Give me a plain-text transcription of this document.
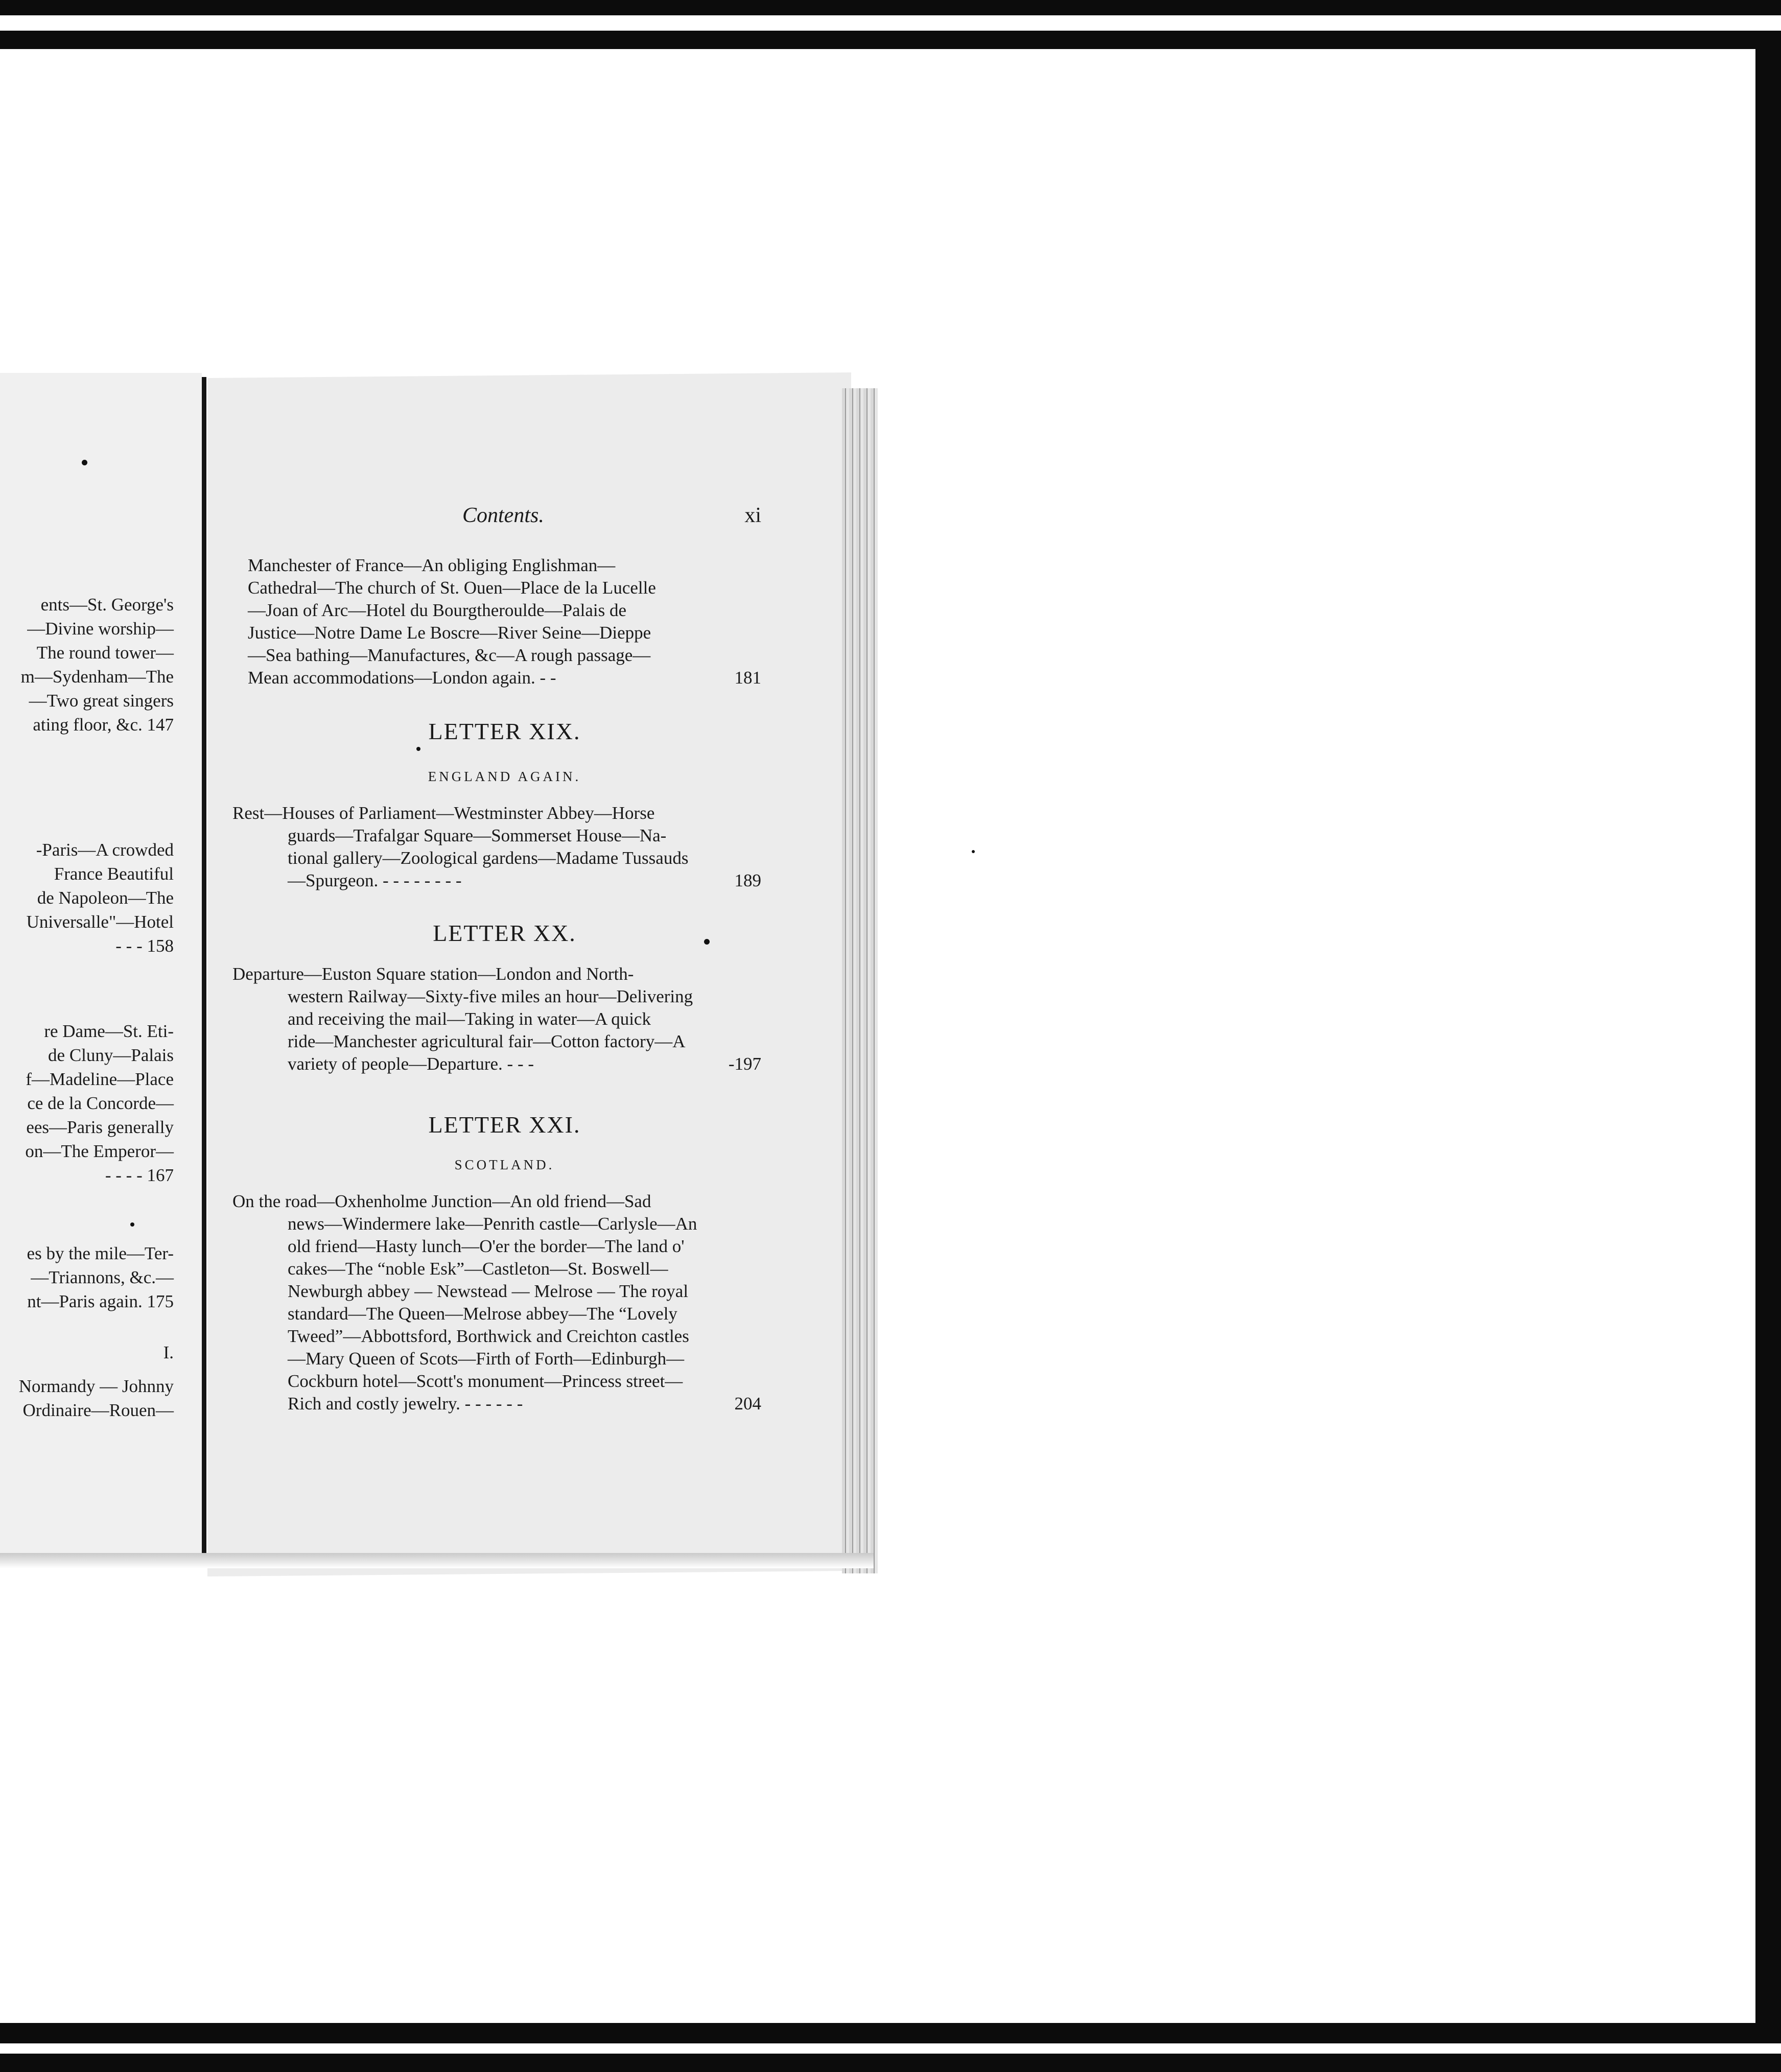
ents—St. George's
—Divine worship—
The round tower—
m—Sydenham—The
—Two great singers
ating floor, &c. 147
-Paris—A crowded
France Beautiful
de Napoleon—The
Universalle"—Hotel
- - - 158
re Dame—St. Eti-
de Cluny—Palais
f—Madeline—Place
ce de la Concorde—
ees—Paris generally
on—The Emperor—
- - - - 167
es by the mile—Ter-
—Triannons, &c.—
nt—Paris again. 175
I.
Normandy — Johnny
Ordinaire—Rouen—
Contents.	xi
Manchester of France—An obliging Englishman—
Cathedral—The church of St. Ouen—Place de la Lucelle
—Joan of Arc—Hotel du Bourgtheroulde—Palais de
Justice—Notre Dame Le Boscre—River Seine—Dieppe
—Sea bathing—Manufactures, &c—A rough passage—
Mean accommodations—London again. - -	181
LETTER XIX.
ENGLAND AGAIN.
Rest—Houses of Parliament—Westminster Abbey—Horse
guards—Trafalgar Square—Sommerset House—Na-
tional gallery—Zoological gardens—Madame Tussauds
—Spurgeon. - - - - - - - -	189
LETTER XX.
Departure—Euston Square station—London and North-
western Railway—Sixty-five miles an hour—Delivering
and receiving the mail—Taking in water—A quick
ride—Manchester agricultural fair—Cotton factory—A
variety of people—Departure. - - -	-197
LETTER XXI.
SCOTLAND.
On the road—Oxhenholme Junction—An old friend—Sad
news—Windermere lake—Penrith castle—Carlysle—An
old friend—Hasty lunch—O'er the border—The land o'
cakes—The “noble Esk”—Castleton—St. Boswell—
Newburgh abbey — Newstead — Melrose — The royal
standard—The Queen—Melrose abbey—The “Lovely
Tweed”—Abbottsford, Borthwick and Creichton castles
—Mary Queen of Scots—Firth of Forth—Edinburgh—
Cockburn hotel—Scott's monument—Princess street—
Rich and costly jewelry. - - - - - -	204
